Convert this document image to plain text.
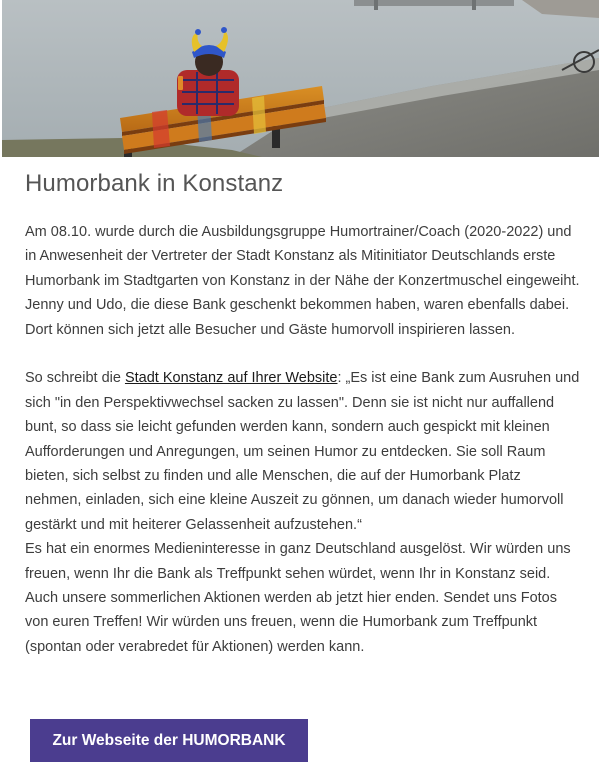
Humorbank in Konstanz

Am 08.10. wurde durch die Ausbildungsgruppe Humortrainer/Coach (2020-2022) und in Anwesenheit der Vertreter der Stadt Konstanz als Mitinitiator Deutschlands erste Humorbank im Stadtgarten von Konstanz in der Nähe der Konzertmuschel eingeweiht. Jenny und Udo, die diese Bank geschenkt bekommen haben, waren ebenfalls dabei. Dort können sich jetzt alle Besucher und Gäste humorvoll inspirieren lassen.

So schreibt die Stadt Konstanz auf Ihrer Website: „Es ist eine Bank zum Ausruhen und sich "in den Perspektivwechsel sacken zu lassen". Denn sie ist nicht nur auffallend bunt, so dass sie leicht gefunden werden kann, sondern auch gespickt mit kleinen Aufforderungen und Anregungen, um seinen Humor zu entdecken. Sie soll Raum bieten, sich selbst zu finden und alle Menschen, die auf der Humorbank Platz nehmen, einladen, sich eine kleine Auszeit zu gönnen, um danach wieder humorvoll gestärkt und mit heiterer Gelassenheit aufzustehen.“

Es hat ein enormes Medieninteresse in ganz Deutschland ausgelöst. Wir würden uns freuen, wenn Ihr die Bank als Treffpunkt sehen würdet, wenn Ihr in Konstanz seid. Auch unsere sommerlichen Aktionen werden ab jetzt hier enden. Sendet uns Fotos von euren Treffen! Wir würden uns freuen, wenn die Humorbank zum Treffpunkt (spontan oder verabredet für Aktionen) werden kann.

Zur Webseite der HUMORBANK
